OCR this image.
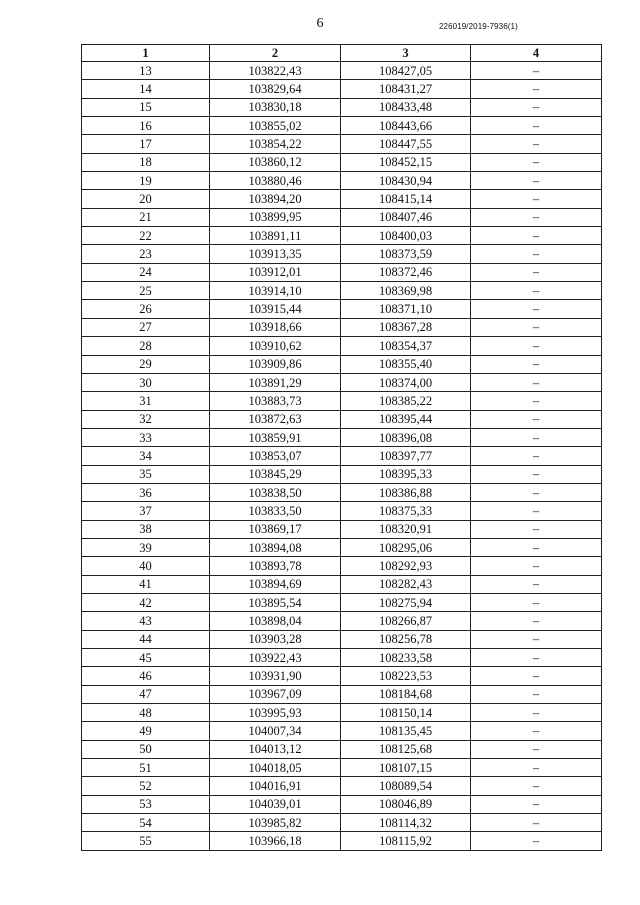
6	226019/2019-7936(1)
1	2	3	4
13	103822,43	108427,05	–
14	103829,64	108431,27	–
15	103830,18	108433,48	–
16	103855,02	108443,66	–
17	103854,22	108447,55	–
18	103860,12	108452,15	–
19	103880,46	108430,94	–
20	103894,20	108415,14	–
21	103899,95	108407,46	–
22	103891,11	108400,03	–
23	103913,35	108373,59	–
24	103912,01	108372,46	–
25	103914,10	108369,98	–
26	103915,44	108371,10	–
27	103918,66	108367,28	–
28	103910,62	108354,37	–
29	103909,86	108355,40	–
30	103891,29	108374,00	–
31	103883,73	108385,22	–
32	103872,63	108395,44	–
33	103859,91	108396,08	–
34	103853,07	108397,77	–
35	103845,29	108395,33	–
36	103838,50	108386,88	–
37	103833,50	108375,33	–
38	103869,17	108320,91	–
39	103894,08	108295,06	–
40	103893,78	108292,93	–
41	103894,69	108282,43	–
42	103895,54	108275,94	–
43	103898,04	108266,87	–
44	103903,28	108256,78	–
45	103922,43	108233,58	–
46	103931,90	108223,53	–
47	103967,09	108184,68	–
48	103995,93	108150,14	–
49	104007,34	108135,45	–
50	104013,12	108125,68	–
51	104018,05	108107,15	–
52	104016,91	108089,54	–
53	104039,01	108046,89	–
54	103985,82	108114,32	–
55	103966,18	108115,92	–
